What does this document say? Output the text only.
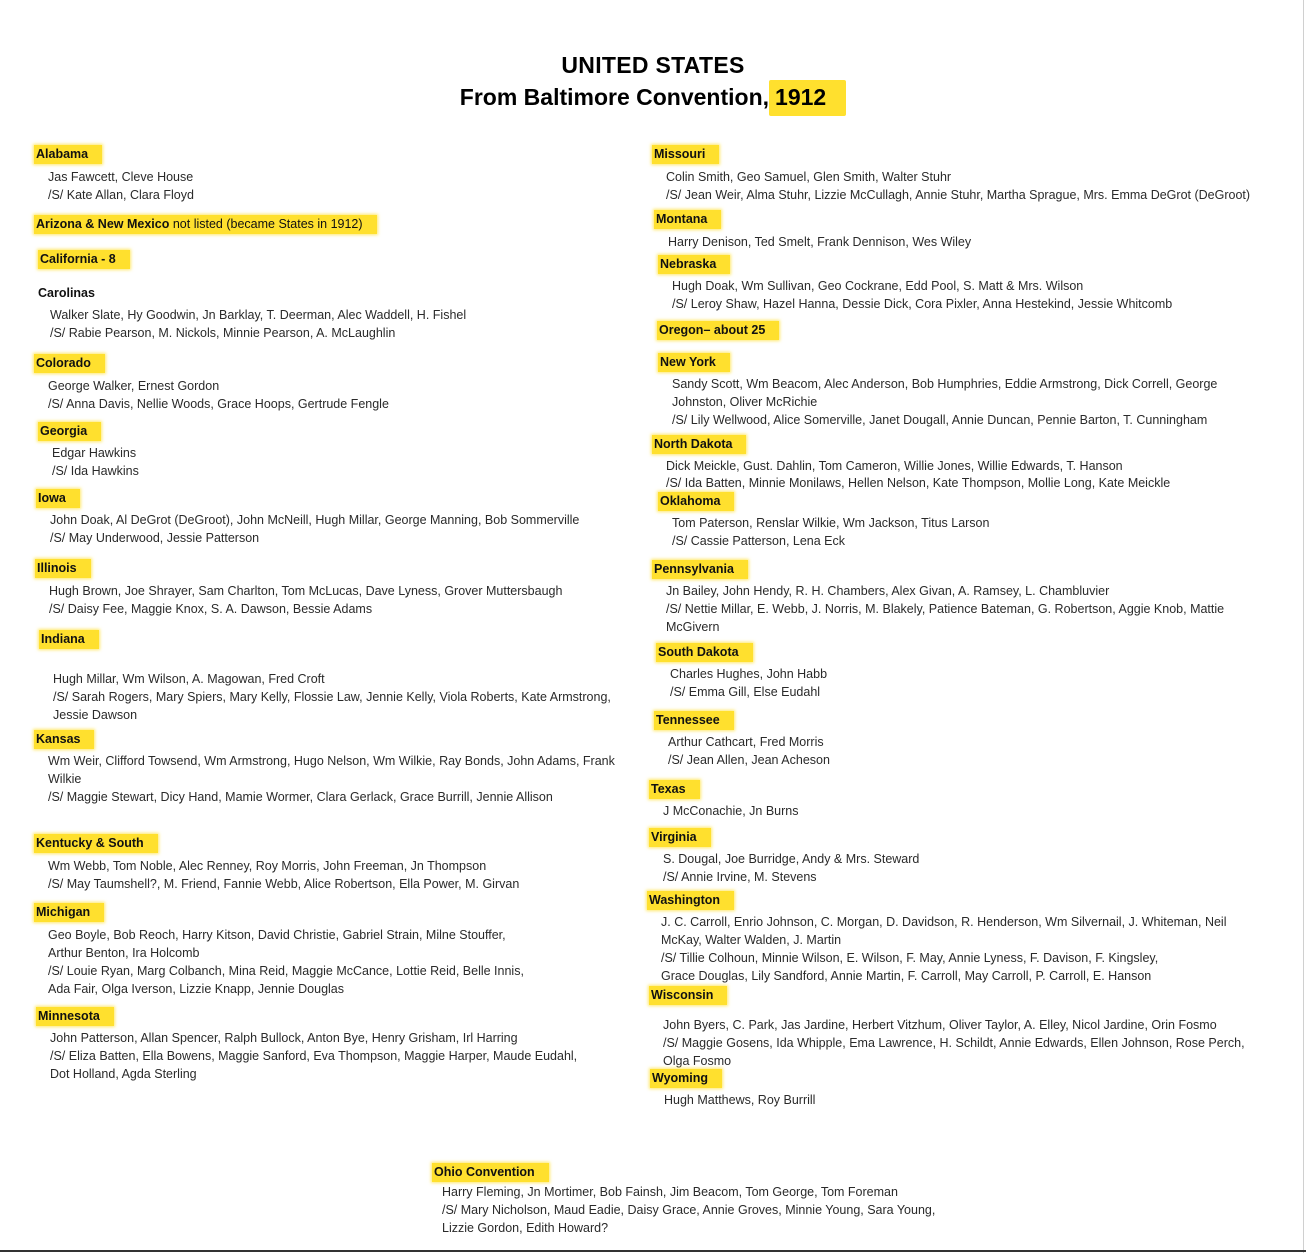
UNITED STATES
From Baltimore Convention, 1912
Alabama
Jas Fawcett, Cleve House
/S/ Kate Allan, Clara Floyd
Arizona & New Mexico not listed (became States in 1912)
California - 8
Carolinas
Walker Slate, Hy Goodwin, Jn Barklay, T. Deerman, Alec Waddell, H. Fishel
/S/ Rabie Pearson, M. Nickols, Minnie Pearson, A. McLaughlin
Colorado
George Walker, Ernest Gordon
/S/ Anna Davis, Nellie Woods, Grace Hoops, Gertrude Fengle
Georgia
Edgar Hawkins
/S/ Ida Hawkins
Iowa
John Doak, Al DeGrot (DeGroot), John McNeill, Hugh Millar, George Manning, Bob Sommerville
/S/ May Underwood, Jessie Patterson
Illinois
Hugh Brown, Joe Shrayer, Sam Charlton, Tom McLucas, Dave Lyness, Grover Muttersbaugh
/S/ Daisy Fee, Maggie Knox, S. A. Dawson, Bessie Adams
Indiana
Hugh Millar, Wm Wilson, A. Magowan, Fred Croft
/S/ Sarah Rogers, Mary Spiers, Mary Kelly, Flossie Law, Jennie Kelly, Viola Roberts, Kate Armstrong,
Jessie Dawson
Kansas
Wm Weir, Clifford Towsend, Wm Armstrong, Hugo Nelson, Wm Wilkie, Ray Bonds, John Adams, Frank
Wilkie
/S/ Maggie Stewart, Dicy Hand, Mamie Wormer, Clara Gerlack, Grace Burrill, Jennie Allison
Kentucky & South
Wm Webb, Tom Noble, Alec Renney, Roy Morris, John Freeman, Jn Thompson
/S/ May Taumshell?, M. Friend, Fannie Webb, Alice Robertson, Ella Power, M. Girvan
Michigan
Geo Boyle, Bob Reoch, Harry Kitson, David Christie, Gabriel Strain, Milne Stouffer,
Arthur Benton, Ira Holcomb
/S/ Louie Ryan, Marg Colbanch, Mina Reid, Maggie McCance, Lottie Reid, Belle Innis,
Ada Fair, Olga Iverson, Lizzie Knapp, Jennie Douglas
Minnesota
John Patterson, Allan Spencer, Ralph Bullock, Anton Bye, Henry Grisham, Irl Harring
/S/ Eliza Batten, Ella Bowens, Maggie Sanford, Eva Thompson, Maggie Harper, Maude Eudahl,
Dot Holland, Agda Sterling
Missouri
Colin Smith, Geo Samuel, Glen Smith, Walter Stuhr
/S/ Jean Weir, Alma Stuhr, Lizzie McCullagh, Annie Stuhr, Martha Sprague, Mrs. Emma DeGrot (DeGroot)
Montana
Harry Denison, Ted Smelt, Frank Dennison, Wes Wiley
Nebraska
Hugh Doak, Wm Sullivan, Geo Cockrane, Edd Pool, S. Matt & Mrs. Wilson
/S/ Leroy Shaw, Hazel Hanna, Dessie Dick, Cora Pixler, Anna Hestekind, Jessie Whitcomb
Oregon– about 25
New York
Sandy Scott, Wm Beacom, Alec Anderson, Bob Humphries, Eddie Armstrong, Dick Correll, George
Johnston, Oliver McRichie
/S/ Lily Wellwood, Alice Somerville, Janet Dougall, Annie Duncan, Pennie Barton, T. Cunningham
North Dakota
Dick Meickle, Gust. Dahlin, Tom Cameron, Willie Jones, Willie Edwards, T. Hanson
/S/ Ida Batten, Minnie Monilaws, Hellen Nelson, Kate Thompson, Mollie Long, Kate Meickle
Oklahoma
Tom Paterson, Renslar Wilkie, Wm Jackson, Titus Larson
/S/ Cassie Patterson, Lena Eck
Pennsylvania
Jn Bailey, John Hendy, R. H. Chambers, Alex Givan, A. Ramsey, L. Chambluvier
/S/ Nettie Millar, E. Webb, J. Norris, M. Blakely, Patience Bateman, G. Robertson, Aggie Knob, Mattie
McGivern
South Dakota
Charles Hughes, John Habb
/S/ Emma Gill, Else Eudahl
Tennessee
Arthur Cathcart, Fred Morris
/S/ Jean Allen, Jean Acheson
Texas
J McConachie, Jn Burns
Virginia
S. Dougal, Joe Burridge, Andy & Mrs. Steward
/S/ Annie Irvine, M. Stevens
Washington
J. C. Carroll, Enrio Johnson, C. Morgan, D. Davidson, R. Henderson, Wm Silvernail, J. Whiteman, Neil
McKay, Walter Walden, J. Martin
/S/ Tillie Colhoun, Minnie Wilson, E. Wilson, F. May, Annie Lyness, F. Davison, F. Kingsley,
Grace Douglas, Lily Sandford, Annie Martin, F. Carroll, May Carroll, P. Carroll, E. Hanson
Wisconsin
John Byers, C. Park, Jas Jardine, Herbert Vitzhum, Oliver Taylor, A. Elley, Nicol Jardine, Orin Fosmo
/S/ Maggie Gosens, Ida Whipple, Ema Lawrence, H. Schildt, Annie Edwards, Ellen Johnson, Rose Perch,
Olga Fosmo
Wyoming
Hugh Matthews, Roy Burrill
Ohio Convention
Harry Fleming, Jn Mortimer, Bob Fainsh, Jim Beacom, Tom George, Tom Foreman
/S/ Mary Nicholson, Maud Eadie, Daisy Grace, Annie Groves, Minnie Young, Sara Young,
Lizzie Gordon, Edith Howard?
